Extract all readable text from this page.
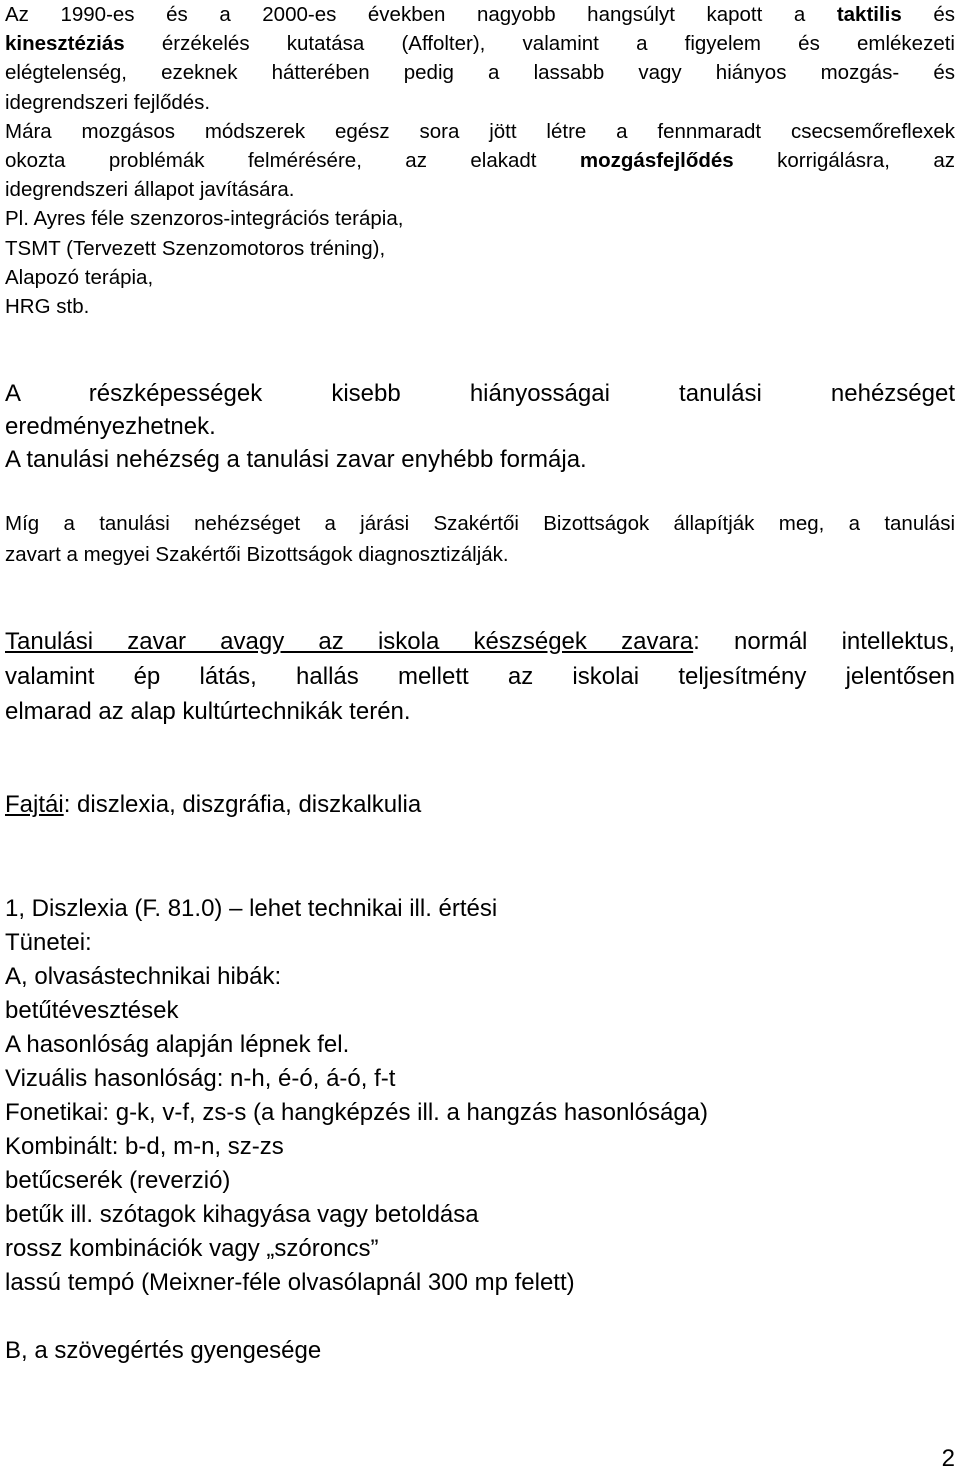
Az 1990-es és a 2000-es években nagyobb hangsúlyt kapott a taktilis és
kinesztéziás érzékelés kutatása (Affolter), valamint a figyelem és emlékezeti
elégtelenség, ezeknek hátterében pedig a lassabb vagy hiányos mozgás- és
idegrendszeri fejlődés.
Mára mozgásos módszerek egész sora jött létre a fennmaradt csecsemőreflexek
okozta problémák felmérésére, az elakadt mozgásfejlődés korrigálásra, az
idegrendszeri állapot javítására.
Pl. Ayres féle szenzoros-integrációs terápia,
TSMT (Tervezett Szenzomotoros tréning),
Alapozó terápia,
HRG stb.
A részképességek kisebb hiányosságai tanulási nehézséget
eredményezhetnek.
A tanulási nehézség a tanulási zavar enyhébb formája.
Míg a tanulási nehézséget a járási Szakértői Bizottságok állapítják meg, a tanulási
zavart a megyei Szakértői Bizottságok diagnosztizálják.
Tanulási zavar avagy az iskola készségek zavara: normál intellektus,
valamint ép látás, hallás mellett az iskolai teljesítmény jelentősen
elmarad az alap kultúrtechnikák terén.
Fajtái: diszlexia, diszgráfia, diszkalkulia
1, Diszlexia (F. 81.0) – lehet technikai ill. értési
Tünetei:
A, olvasástechnikai hibák:
betűtévesztések
A hasonlóság alapján lépnek fel.
Vizuális hasonlóság: n-h, é-ó, á-ó, f-t
Fonetikai: g-k, v-f, zs-s (a hangképzés ill. a hangzás hasonlósága)
Kombinált: b-d, m-n, sz-zs
betűcserék (reverzió)
betűk ill. szótagok kihagyása vagy betoldása
rossz kombinációk vagy „szóroncs”
lassú tempó (Meixner-féle olvasólapnál 300 mp felett)

B, a szövegértés gyengesége
2
